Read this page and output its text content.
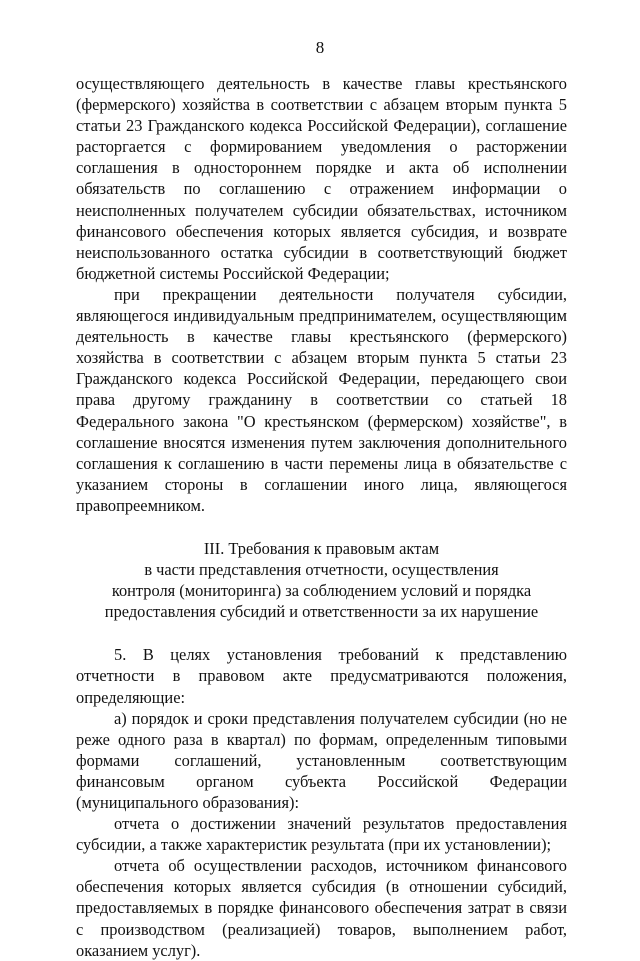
8

осуществляющего деятельность в качестве главы крестьянского (фермерского) хозяйства в соответствии с абзацем вторым пункта 5 статьи 23 Гражданского кодекса Российской Федерации), соглашение расторгается с формированием уведомления о расторжении соглашения в одностороннем порядке и акта об исполнении обязательств по соглашению с отражением информации о неисполненных получателем субсидии обязательствах, источником финансового обеспечения которых является субсидия, и возврате неиспользованного остатка субсидии в соответствующий бюджет бюджетной системы Российской Федерации;

при прекращении деятельности получателя субсидии, являющегося индивидуальным предпринимателем, осуществляющим деятельность в качестве главы крестьянского (фермерского) хозяйства в соответствии с абзацем вторым пункта 5 статьи 23 Гражданского кодекса Российской Федерации, передающего свои права другому гражданину в соответствии со статьей 18 Федерального закона "О крестьянском (фермерском) хозяйстве", в соглашение вносятся изменения путем заключения дополнительного соглашения к соглашению в части перемены лица в обязательстве с указанием стороны в соглашении иного лица, являющегося правопреемником.

III. Требования к правовым актам
в части представления отчетности, осуществления
контроля (мониторинга) за соблюдением условий и порядка
предоставления субсидий и ответственности за их нарушение

5. В целях установления требований к представлению отчетности в правовом акте предусматриваются положения, определяющие:

а) порядок и сроки представления получателем субсидии (но не реже одного раза в квартал) по формам, определенным типовыми формами соглашений, установленным соответствующим финансовым органом субъекта Российской Федерации (муниципального образования):

отчета о достижении значений результатов предоставления субсидии, а также характеристик результата (при их установлении);

отчета об осуществлении расходов, источником финансового обеспечения которых является субсидия (в отношении субсидий, предоставляемых в порядке финансового обеспечения затрат в связи с производством (реализацией) товаров, выполнением работ, оказанием услуг).
